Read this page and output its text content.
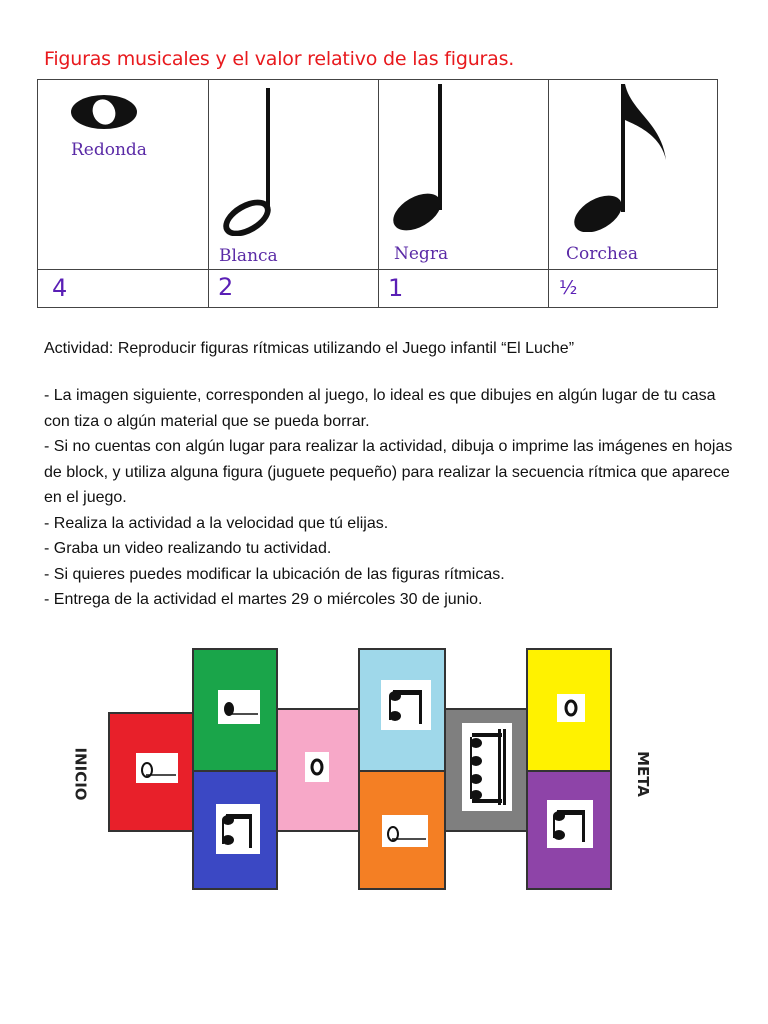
Figuras musicales y el valor relativo de las figuras.
Redonda
4
Blanca
2
Negra
1
Corchea
½
Actividad: Reproducir figuras rítmicas utilizando el Juego infantil “El Luche”

- La imagen siguiente, corresponden al juego, lo ideal es que dibujes en algún lugar de tu casa con tiza o algún material que se pueda borrar.

- Si no cuentas con algún lugar para realizar la actividad, dibuja o imprime las imágenes en hojas de block, y utiliza alguna figura (juguete pequeño) para realizar la secuencia rítmica que aparece en el juego.

- Realiza la actividad a la velocidad que tú elijas.

- Graba un video realizando tu actividad.

- Si quieres puedes modificar la ubicación de las figuras rítmicas.

- Entrega de la actividad el martes 29 o miércoles 30 de junio.

INICIO	META
